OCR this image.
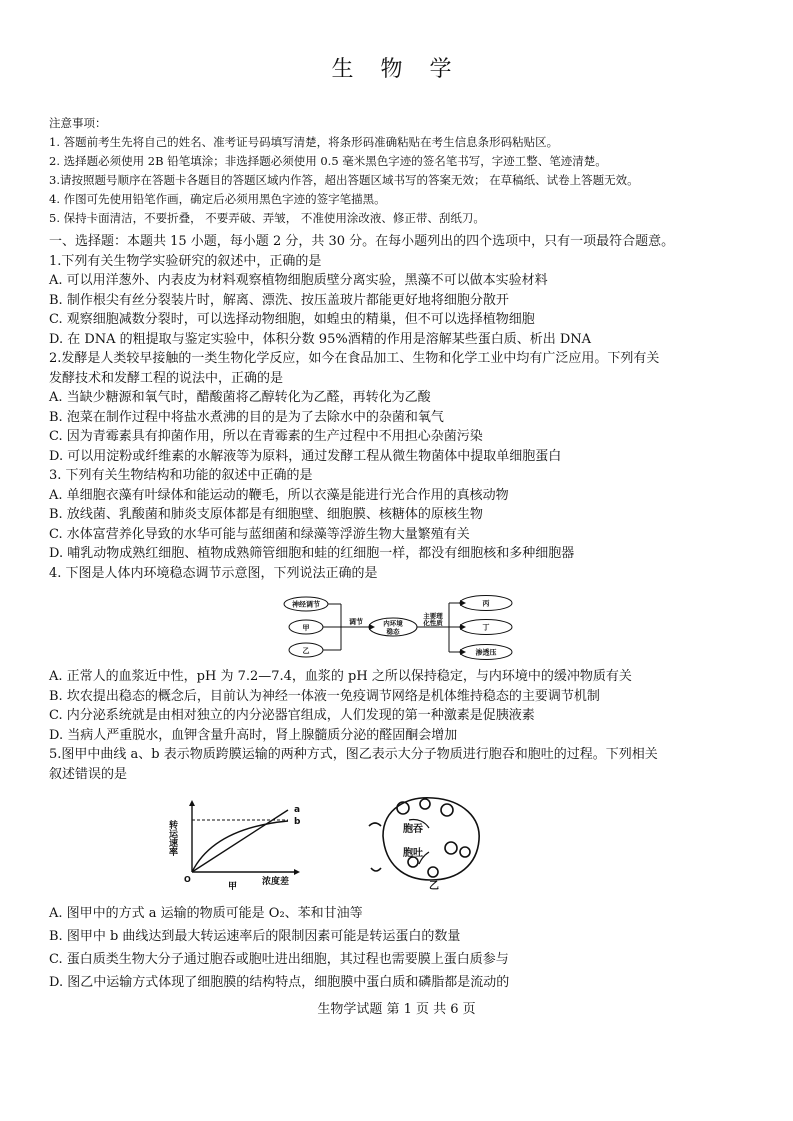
生 物 学
注意事项：
1. 答题前考生先将自己的姓名、准考证号码填写清楚，将条形码准确粘贴在考生信息条形码粘贴区。
2. 选择题必须使用 2B 铅笔填涂；非选择题必须使用 0.5 毫米黑色字迹的签名笔书写，字迹工整、笔迹清楚。
3.请按照题号顺序在答题卡各题目的答题区域内作答，超出答题区域书写的答案无效； 在草稿纸、试卷上答题无效。
4. 作图可先使用铅笔作画，确定后必须用黑色字迹的签字笔描黑。
5. 保持卡面清洁，不要折叠， 不要弄破、弄皱， 不准使用涂改液、修正带、刮纸刀。
一、选择题：本题共 15 小题，每小题 2 分，共 30 分。在每小题列出的四个选项中，只有一项最符合题意。
1.下列有关生物学实验研究的叙述中，正确的是
A. 可以用洋葱外、内表皮为材料观察植物细胞质壁分离实验，黑藻不可以做本实验材料
B. 制作根尖有丝分裂装片时，解离、漂洗、按压盖玻片都能更好地将细胞分散开
C. 观察细胞减数分裂时，可以选择动物细胞，如蝗虫的精巢，但不可以选择植物细胞
D. 在 DNA 的粗提取与鉴定实验中，体积分数 95%酒精的作用是溶解某些蛋白质、析出 DNA
2.发酵是人类较早接触的一类生物化学反应，如今在食品加工、生物和化学工业中均有广泛应用。下列有关
发酵技术和发酵工程的说法中，正确的是
A. 当缺少糖源和氧气时，醋酸菌将乙醇转化为乙醛，再转化为乙酸
B. 泡菜在制作过程中将盐水煮沸的目的是为了去除水中的杂菌和氧气
C. 因为青霉素具有抑菌作用，所以在青霉素的生产过程中不用担心杂菌污染
D. 可以用淀粉或纤维素的水解液等为原料，通过发酵工程从微生物菌体中提取单细胞蛋白
3. 下列有关生物结构和功能的叙述中正确的是
A. 单细胞衣藻有叶绿体和能运动的鞭毛，所以衣藻是能进行光合作用的真核动物
B. 放线菌、乳酸菌和肺炎支原体都是有细胞壁、细胞膜、核糖体的原核生物
C. 水体富营养化导致的水华可能与蓝细菌和绿藻等浮游生物大量繁殖有关
D. 哺乳动物成熟红细胞、植物成熟筛管细胞和蛙的红细胞一样，都没有细胞核和多种细胞器
4. 下图是人体内环境稳态调节示意图，下列说法正确的是
神经调节
甲
乙
调节	内环境
稳态
主要理
化性质
丙
丁
渗透压
A. 正常人的血浆近中性，pH 为 7.2—7.4，血浆的 pH 之所以保持稳定，与内环境中的缓冲物质有关
B. 坎农提出稳态的概念后，目前认为神经一体液一免疫调节网络是机体维持稳态的主要调节机制
C. 内分泌系统就是由相对独立的内分泌器官组成，人们发现的第一种激素是促胰液素
D. 当病人严重脱水，血钾含量升高时，肾上腺髓质分泌的醛固酮会增加
5.图甲中曲线 a、b 表示物质跨膜运输的两种方式，图乙表示大分子物质进行胞吞和胞吐的过程。下列相关
叙述错误的是
转运速率
浓度差
a
b
O
甲
胞吞
胞吐
乙
A. 图甲中的方式 a 运输的物质可能是 O₂、苯和甘油等
B. 图甲中 b 曲线达到最大转运速率后的限制因素可能是转运蛋白的数量
C. 蛋白质类生物大分子通过胞吞或胞吐进出细胞，其过程也需要膜上蛋白质参与
D. 图乙中运输方式体现了细胞膜的结构特点，细胞膜中蛋白质和磷脂都是流动的
生物学试题 第 1 页 共 6 页
